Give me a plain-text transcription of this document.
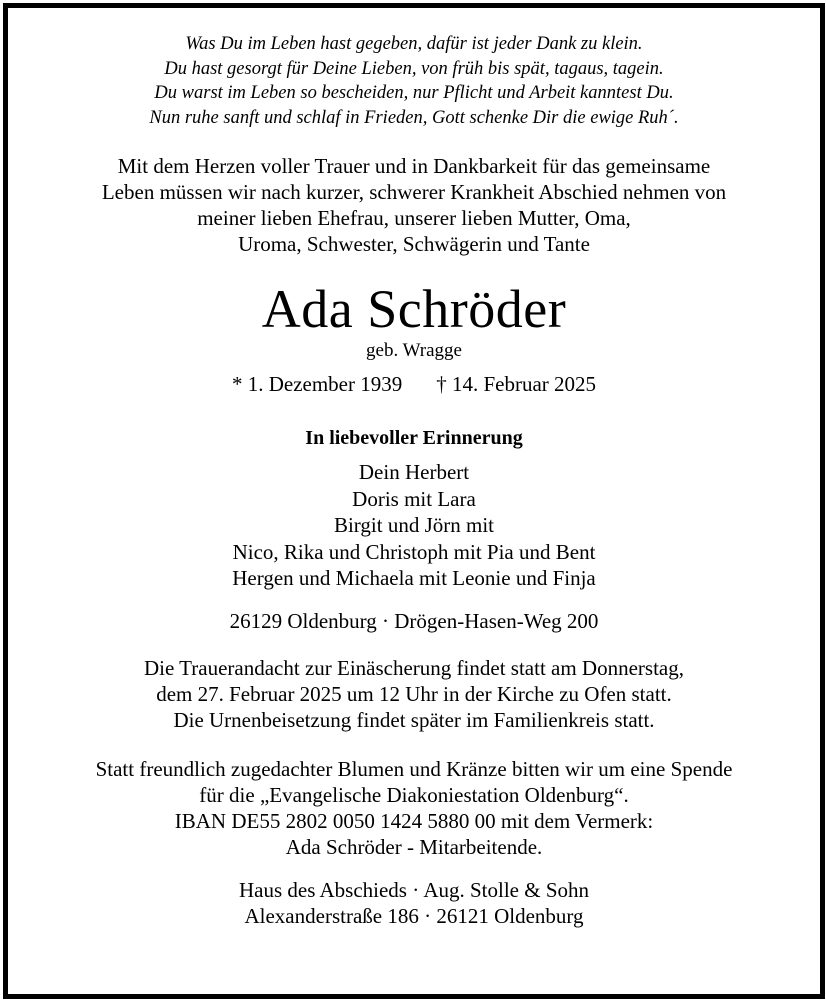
Was Du im Leben hast gegeben, dafür ist jeder Dank zu klein.
Du hast gesorgt für Deine Lieben, von früh bis spät, tagaus, tagein.
Du warst im Leben so bescheiden, nur Pflicht und Arbeit kanntest Du.
Nun ruhe sanft und schlaf in Frieden, Gott schenke Dir die ewige Ruh´.
Mit dem Herzen voller Trauer und in Dankbarkeit für das gemeinsame
Leben müssen wir nach kurzer, schwerer Krankheit Abschied nehmen von
meiner lieben Ehefrau, unserer lieben Mutter, Oma,
Uroma, Schwester, Schwägerin und Tante
Ada Schröder
geb. Wragge
* 1. Dezember 1939 † 14. Februar 2025
In liebevoller Erinnerung
Dein Herbert
Doris mit Lara
Birgit und Jörn mit
Nico, Rika und Christoph mit Pia und Bent
Hergen und Michaela mit Leonie und Finja
26129 Oldenburg · Drögen-Hasen-Weg 200
Die Trauerandacht zur Einäscherung findet statt am Donnerstag,
dem 27. Februar 2025 um 12 Uhr in der Kirche zu Ofen statt.
Die Urnenbeisetzung findet später im Familienkreis statt.
Statt freundlich zugedachter Blumen und Kränze bitten wir um eine Spende
für die „Evangelische Diakoniestation Oldenburg“.
IBAN DE55 2802 0050 1424 5880 00 mit dem Vermerk:
Ada Schröder - Mitarbeitende.
Haus des Abschieds · Aug. Stolle & Sohn
Alexanderstraße 186 · 26121 Oldenburg
